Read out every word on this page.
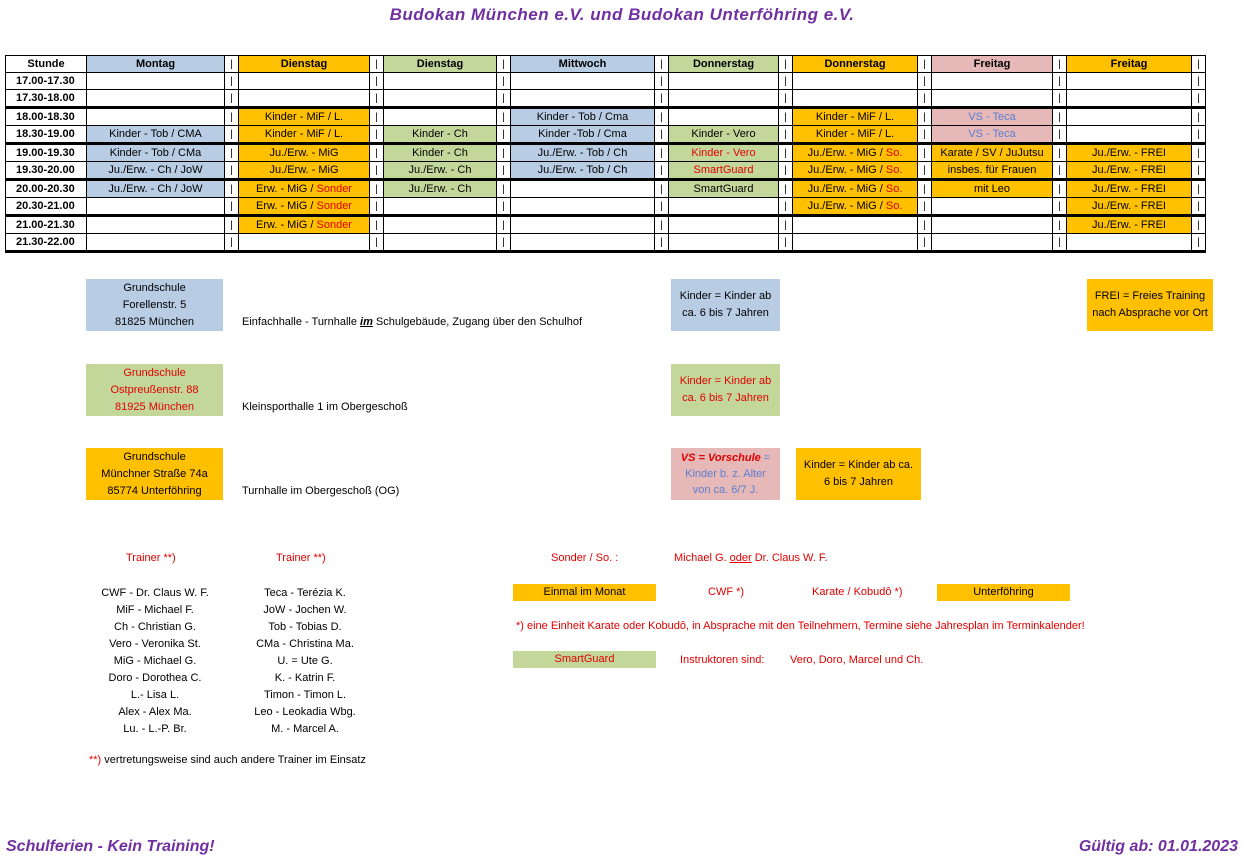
Budokan München e.V. und Budokan Unterföhring e.V.
Stunde	Montag	|	Dienstag	|	Dienstag	|	Mittwoch	|	Donnerstag	|	Donnerstag	|	Freitag	|	Freitag	|
17.00-17.30		|		|		|		|		|		|		|		|
17.30-18.00		|		|		|		|		|		|		|		|
18.00-18.30		|	Kinder - MiF / L.	|		|	Kinder - Tob / Cma	|		|	Kinder - MiF / L.	|	VS - Teca	|		|
18.30-19.00	Kinder - Tob / CMA	|	Kinder - MiF / L.	|	Kinder - Ch	|	Kinder -Tob / Cma	|	Kinder - Vero	|	Kinder - MiF / L.	|	VS - Teca	|		|
19.00-19.30	Kinder - Tob / CMa	|	Ju./Erw. - MiG	|	Kinder - Ch	|	Ju./Erw. - Tob / Ch	|	Kinder - Vero	|	Ju./Erw. - MiG / So.	|	Karate / SV / JuJutsu	|	Ju./Erw. - FREI	|
19.30-20.00	Ju./Erw. - Ch / JoW	|	Ju./Erw. - MiG	|	Ju./Erw. - Ch	|	Ju./Erw. - Tob / Ch	|	SmartGuard	|	Ju./Erw. - MiG / So.	|	insbes. für Frauen	|	Ju./Erw. - FREI	|
20.00-20.30	Ju./Erw. - Ch / JoW	|	Erw. - MiG / Sonder	|	Ju./Erw. - Ch	|		|	SmartGuard	|	Ju./Erw. - MiG / So.	|	mit Leo	|	Ju./Erw. - FREI	|
20.30-21.00		|	Erw. - MiG / Sonder	|		|		|		|	Ju./Erw. - MiG / So.	|		|	Ju./Erw. - FREI	|
21.00-21.30		|	Erw. - MiG / Sonder	|		|		|		|		|		|	Ju./Erw. - FREI	|
21.30-22.00		|		|		|		|		|		|		|		|
Grundschule
Forellenstr. 5
81825 München	Einfachhalle - Turnhalle im Schulgebäude, Zugang über den Schulhof
Grundschule
Ostpreußenstr. 88
81925 München	Kleinsporthalle 1 im Obergeschoß
Grundschule
Münchner Straße 74a
85774 Unterföhring	Turnhalle im Obergeschoß (OG)
Kinder = Kinder ab
ca. 6 bis 7 Jahren
Kinder = Kinder ab
ca. 6 bis 7 Jahren
VS = Vorschule =
Kinder b. z. Alter
von ca. 6/7 J.
Kinder = Kinder ab ca.
6 bis 7 Jahren
FREI = Freies Training
nach Absprache vor Ort
Trainer **)	Trainer **)
CWF - Dr. Claus W. F.
MiF - Michael F.
Ch - Christian G.
Vero - Veronika St.
MiG - Michael G.
Doro - Dorothea C.
L.- Lisa L.
Alex - Alex Ma.
Lu. - L.-P. Br.
Teca - Terézia K.
JoW - Jochen W.
Tob - Tobias D.
CMa - Christina Ma.
U. = Ute G.
K. - Katrin F.
Timon - Timon L.
Leo - Leokadia Wbg.
M. - Marcel A.
**) vertretungsweise sind auch andere Trainer im Einsatz
Sonder / So. :	Michael G. oder Dr. Claus W. F.
Einmal im Monat	CWF *)	Karate / Kobudô *)	Unterföhring
*) eine Einheit Karate oder Kobudô, in Absprache mit den Teilnehmern, Termine siehe Jahresplan im Terminkalender!
SmartGuard	Instruktoren sind: Vero, Doro, Marcel und Ch.
Schulferien - Kein Training!	Gültig ab: 01.01.2023
